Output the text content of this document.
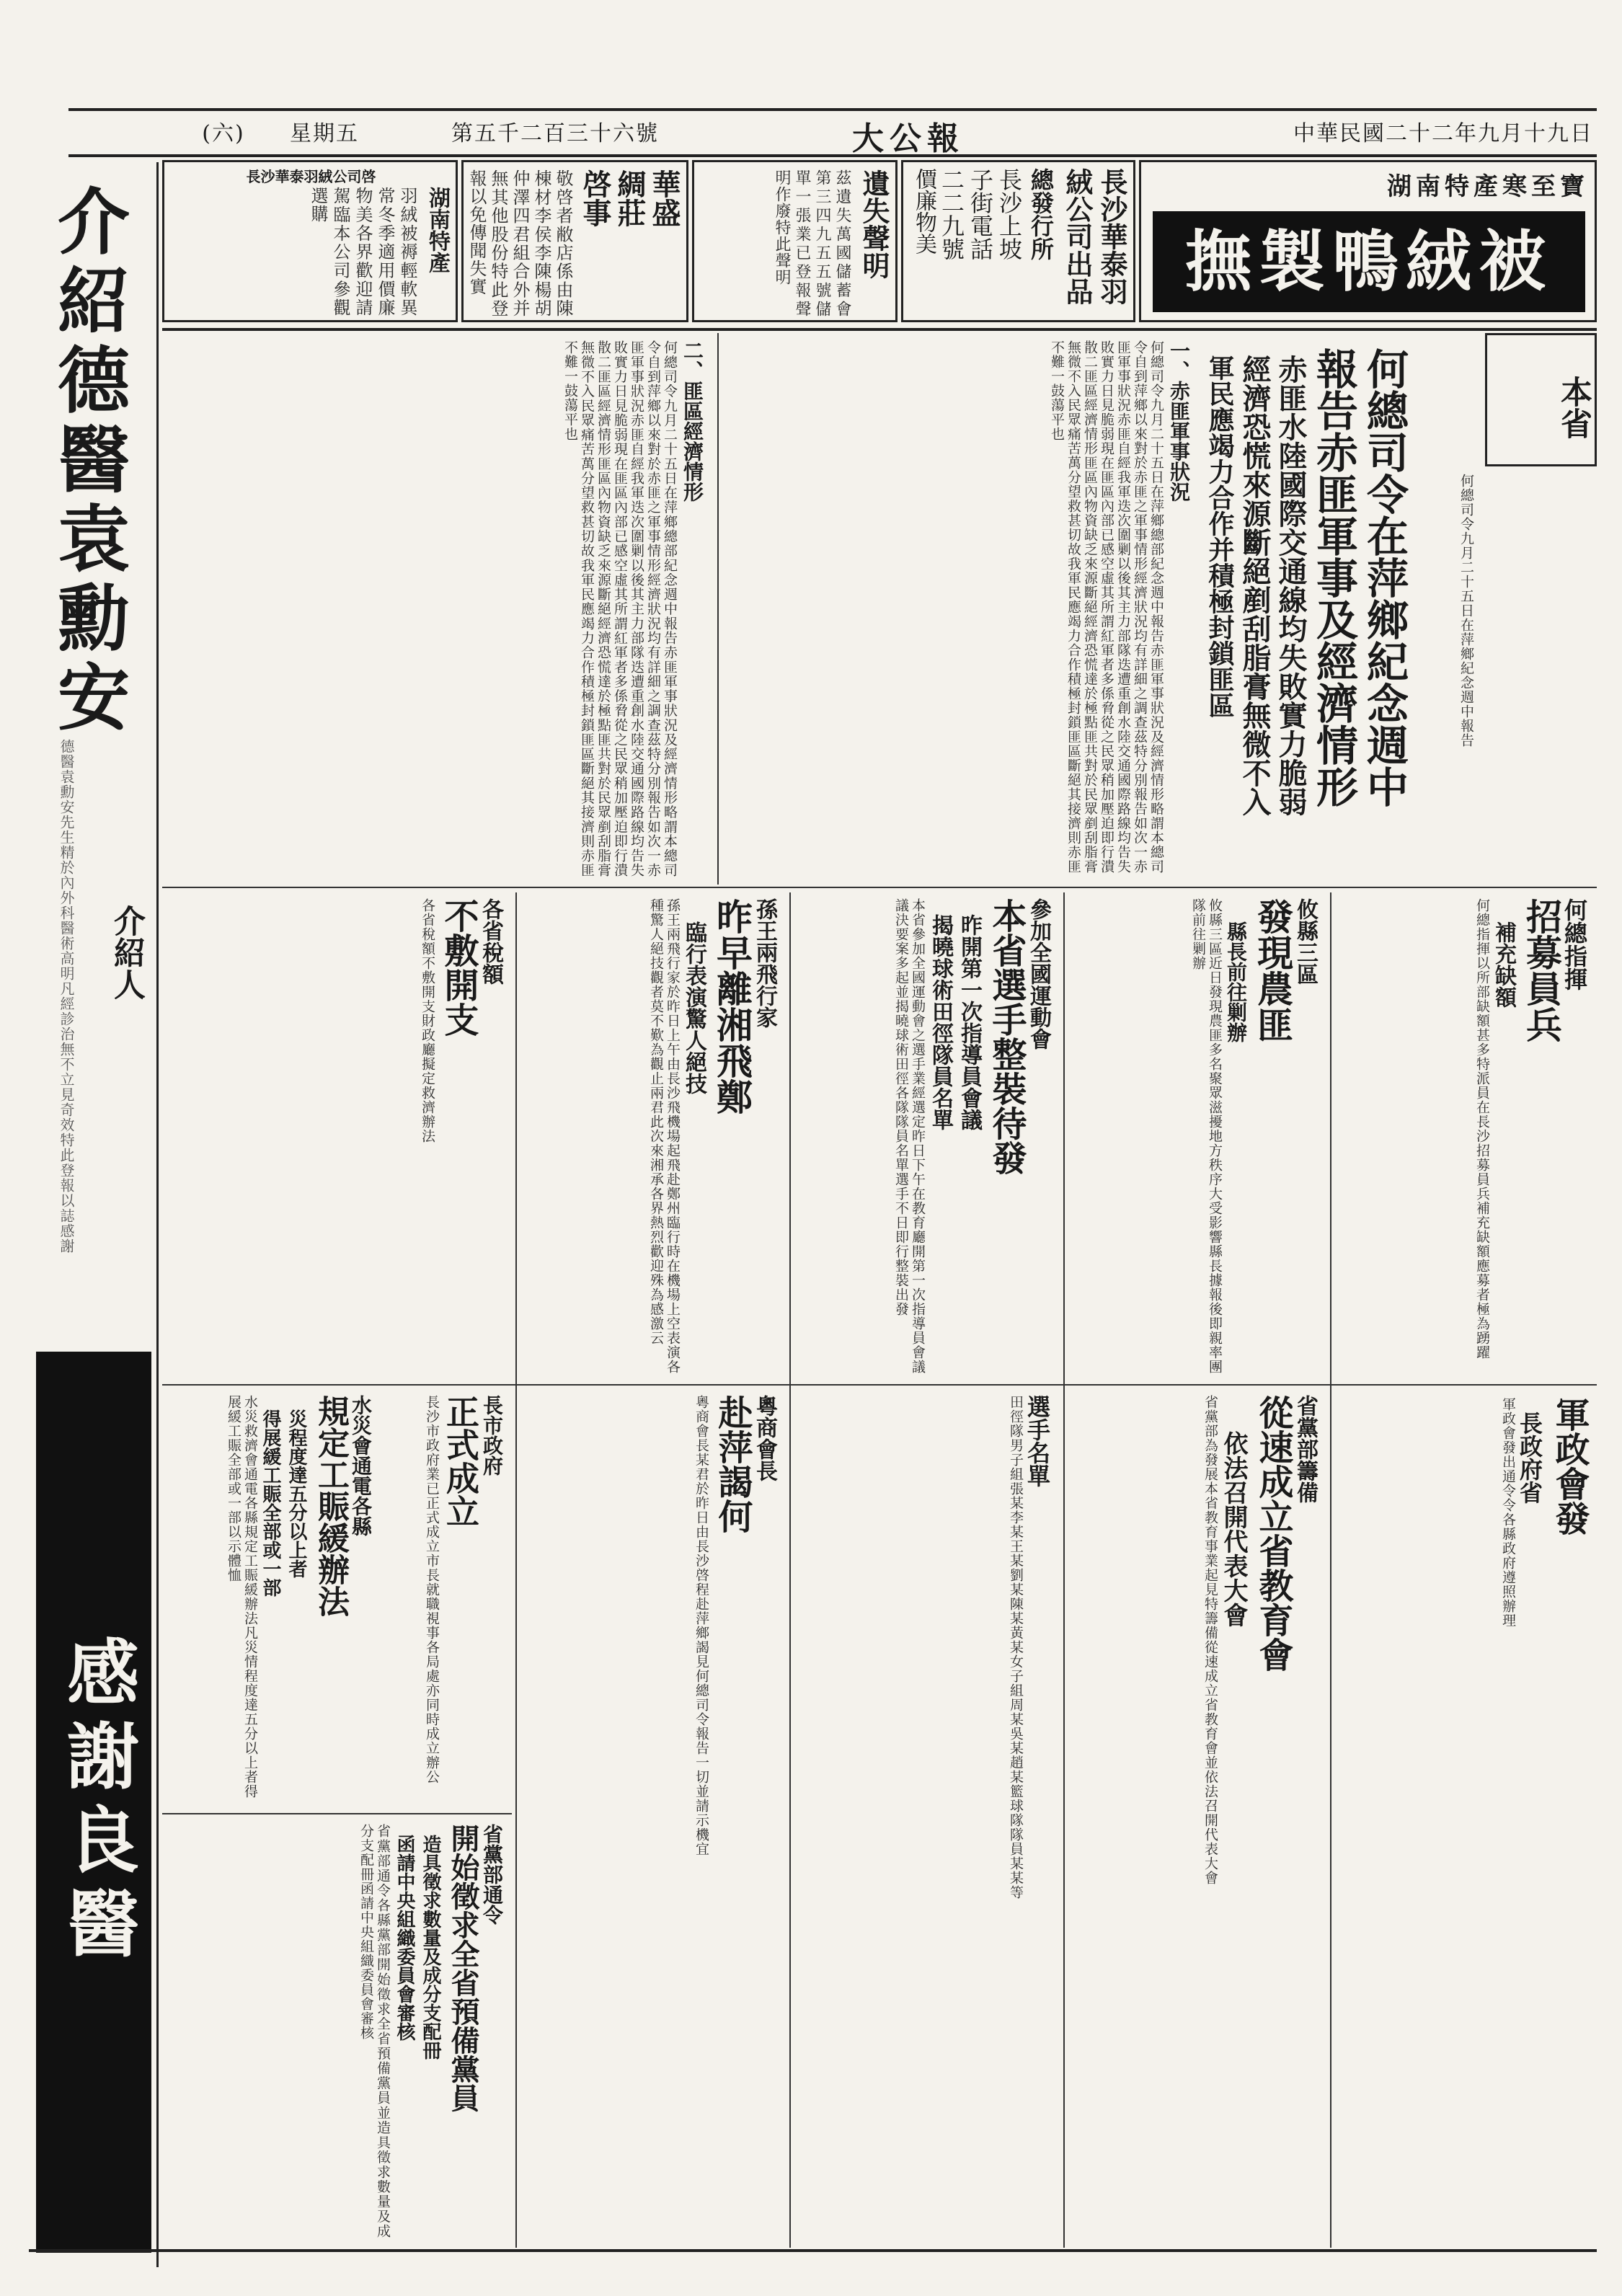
中華民國二十二年九月十九日
大公報
第五千二百三十六號
星期五
(六)
湖南特產寒至寶
撫製鴨絨被
長沙華泰羽
絨公司出品
總發行所
長沙上坡
子街電話
二二九號
價廉物美
遺失聲明
茲遺失萬國儲蓄會第三四九五五號儲單一張業已登報聲明作廢特此聲明
華盛
綢莊
啓事
敬啓者敝店係由陳棟材李侯李陳楊胡仲澤四君組合外并無其他股份特此登報以免傳聞失實
長沙華泰羽絨公司啓
湖南特產
羽絨被褥輕軟異常冬季適用價廉物美各界歡迎請駕臨本公司參觀選購
介紹德醫袁勳安
介紹人
德醫袁勳安先生精於內外科醫術高明凡經診治無不立見奇效特此登報以誌感謝
感謝良醫
本省
何總司令在萍鄉紀念週中
報告赤匪軍事及經濟情形
赤匪水陸國際交通線均失敗實力脆弱
經濟恐慌來源斷絕剷刮脂膏無微不入
軍民應竭力合作并積極封鎖匪區	何總司令九月二十五日在萍鄉紀念週中報告
一、赤匪軍事狀況
何總司令九月二十五日在萍鄉總部紀念週中報告赤匪軍事狀況及經濟情形略謂本總司令自到萍鄉以來對於赤匪之軍事情形經濟狀況均有詳細之調查茲特分別報告如次一赤匪軍事狀況赤匪自經我軍迭次圍剿以後其主力部隊迭遭重創水陸交通國際路線均告失敗實力日見脆弱現在匪區內部已感空虛其所謂紅軍者多係脅從之民眾稍加壓迫即行潰散二匪區經濟情形匪區內物資缺乏來源斷絕經濟恐慌達於極點匪共對於民眾剷刮脂膏無微不入民眾痛苦萬分望救甚切故我軍民應竭力合作積極封鎖匪區斷絕其接濟則赤匪不難一鼓蕩平也
二、匪區經濟情形
何總司令九月二十五日在萍鄉總部紀念週中報告赤匪軍事狀況及經濟情形略謂本總司令自到萍鄉以來對於赤匪之軍事情形經濟狀況均有詳細之調查茲特分別報告如次一赤匪軍事狀況赤匪自經我軍迭次圍剿以後其主力部隊迭遭重創水陸交通國際路線均告失敗實力日見脆弱現在匪區內部已感空虛其所謂紅軍者多係脅從之民眾稍加壓迫即行潰散二匪區經濟情形匪區內物資缺乏來源斷絕經濟恐慌達於極點匪共對於民眾剷刮脂膏無微不入民眾痛苦萬分望救甚切故我軍民應竭力合作積極封鎖匪區斷絕其接濟則赤匪不難一鼓蕩平也
何總指揮
招募員兵
補充缺額
何總指揮以所部缺額甚多特派員在長沙招募員兵補充缺額應募者極為踴躍
軍政會發
長政府省
軍政會發出通令令各縣政府遵照辦理
攸縣三區
發現農匪
縣長前往剿辦
攸縣三區近日發現農匪多名聚眾滋擾地方秩序大受影響縣長據報後即親率團隊前往剿辦
省黨部籌備
從速成立省教育會
依法召開代表大會
省黨部為發展本省教育事業起見特籌備從速成立省教育會並依法召開代表大會
參加全國運動會
本省選手整裝待發
昨開第一次指導員會議
揭曉球術田徑隊員名單
本省參加全國運動會之選手業經選定昨日下午在教育廳開第一次指導員會議議決要案多起並揭曉球術田徑各隊隊員名單選手不日即行整裝出發
選手名單
田徑隊男子組張某李某王某劉某陳某黃某女子組周某吳某趙某籃球隊隊員某某等
孫王兩飛行家
昨早離湘飛鄭
臨行表演驚人絕技
孫王兩飛行家於昨日上午由長沙飛機場起飛赴鄭州臨行時在機場上空表演各種驚人絕技觀者莫不歎為觀止兩君此次來湘承各界熱烈歡迎殊為感激云
粵商會長
赴萍謁何
粵商會長某君於昨日由長沙啓程赴萍鄉謁見何總司令報告一切並請示機宜
各省稅額
不敷開支
各省稅額不敷開支財政廳擬定救濟辦法
長市政府
正式成立
長沙市政府業已正式成立市長就職視事各局處亦同時成立辦公
水災會通電各縣
規定工賑緩辦法
災程度達五分以上者
得展緩工賑全部或一部
水災救濟會通電各縣規定工賑緩辦法凡災情程度達五分以上者得展緩工賑全部或一部以示體恤
省黨部通令
開始徵求全省預備黨員
造具徵求數量及成分支配冊
函請中央組織委員會審核
省黨部通令各縣黨部開始徵求全省預備黨員並造具徵求數量及成分支配冊函請中央組織委員會審核
